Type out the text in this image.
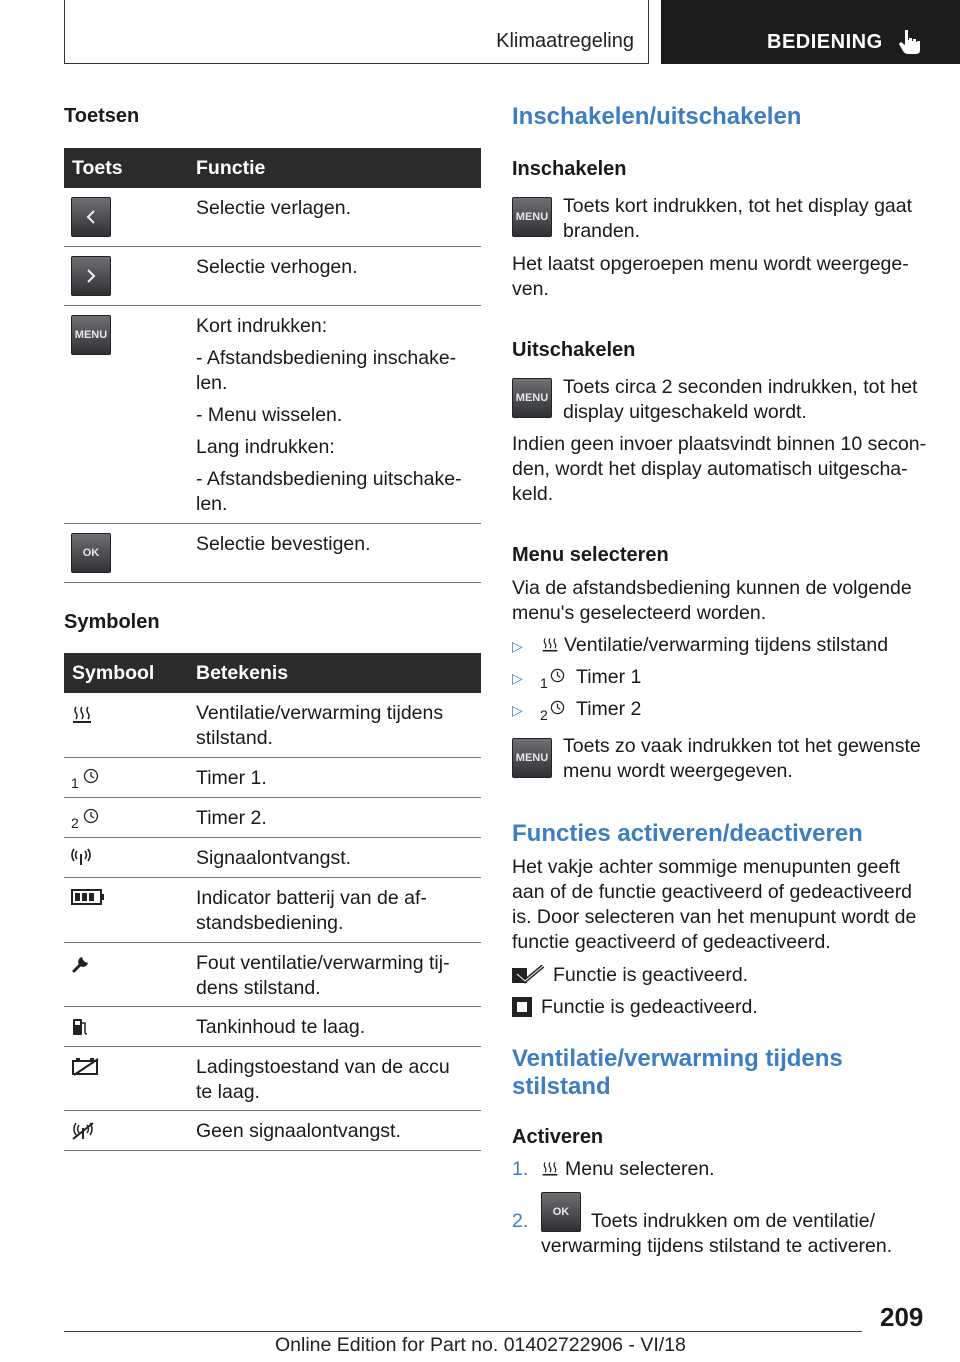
Klimaatregeling	BEDIENING
Toetsen
Toets	Functie
Selectie verlagen.
Selectie verhogen.
MENU	Kort indrukken:
- Afstandsbediening inschake-len.
- Menu wisselen.
Lang indrukken:
- Afstandsbediening uitschake-len.
OK	Selectie bevestigen.
Symbolen
Symbool Betekenis
Ventilatie/verwarming tijdens stilstand.
1	Timer 1.
2	Timer 2.
Signaalontvangst.
Indicator batterij van de af-standsbediening.
Fout ventilatie/verwarming tij-dens stilstand.
Tankinhoud te laag.
Ladingstoestand van de accu te laag.
Geen signaalontvangst.
Inschakelen/uitschakelen
Inschakelen
MENU Toets kort indrukken, tot het display gaat branden.
Het laatst opgeroepen menu wordt weergege-ven.
Uitschakelen
MENU Toets circa 2 seconden indrukken, tot het display uitgeschakeld wordt.
Indien geen invoer plaatsvindt binnen 10 secon-den, wordt het display automatisch uitgescha-keld.
Menu selecteren
Via de afstandsbediening kunnen de volgende menu's geselecteerd worden.
▷ Ventilatie/verwarming tijdens stilstand
▷ 1 Timer 1
▷ 2 Timer 2
MENU
Toets zo vaak indrukken tot het gewenste menu wordt weergegeven.
Functies activeren/deactiveren
Het vakje achter sommige menupunten geeft aan of de functie geactiveerd of gedeactiveerd is. Door selecteren van het menupunt wordt de functie geactiveerd of gedeactiveerd.
Functie is geactiveerd.
Functie is gedeactiveerd.
Ventilatie/verwarming tijdens stilstand
Activeren
1. Menu selecteren.
2.	OK	Toets indrukken om de ventilatie/ verwarming tijdens stilstand te activeren.
209
Online Edition for Part no. 01402722906 - VI/18
